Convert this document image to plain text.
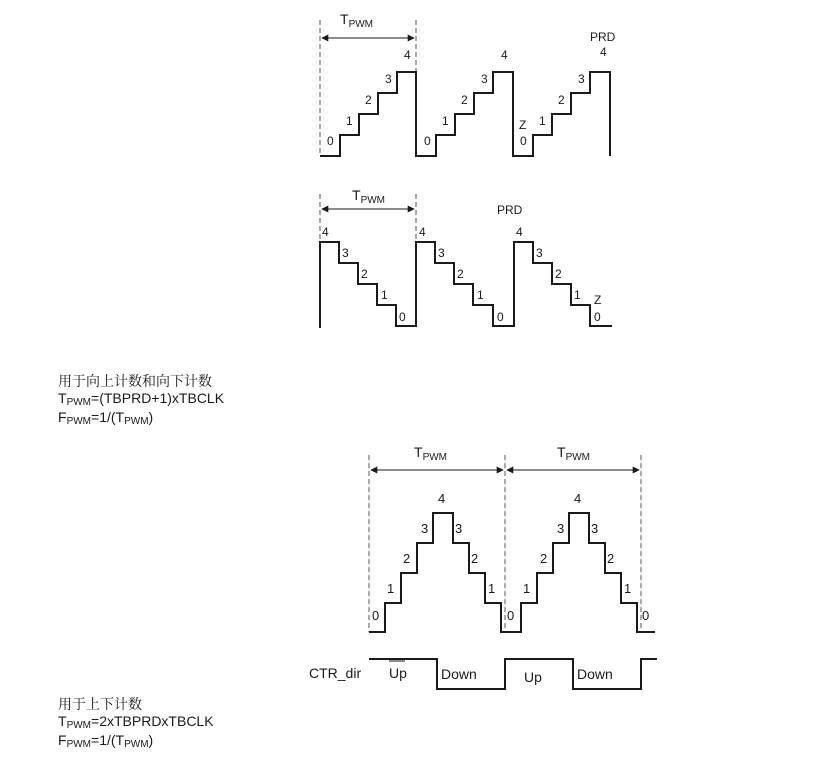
$T_{PWM}$
0
1
2
3
4
0
1
2
3
4
0
Z 1
2
3
4
PRD
$T_{PWM}$
4
3
2
1
0
4
3
2
1
0
4
PRD
3
2
1 Z
0
$T_{PWM}$	$T_{PWM}$
0
1
2
3
4
3
2
1
0
1
2
3
4
3
2
1
0
CTR_dir Up Down	Up	Down
用于向上计数和向下计数
$T_{PWM}=(TBPRD+1)xTBCLK$
$F_{PWM}=1/(T_{PWM})$
用于上下计数
$T_{PWM}=2xTBPRDxTBCLK$
$F_{PWM}=1/(T_{PWM})$
